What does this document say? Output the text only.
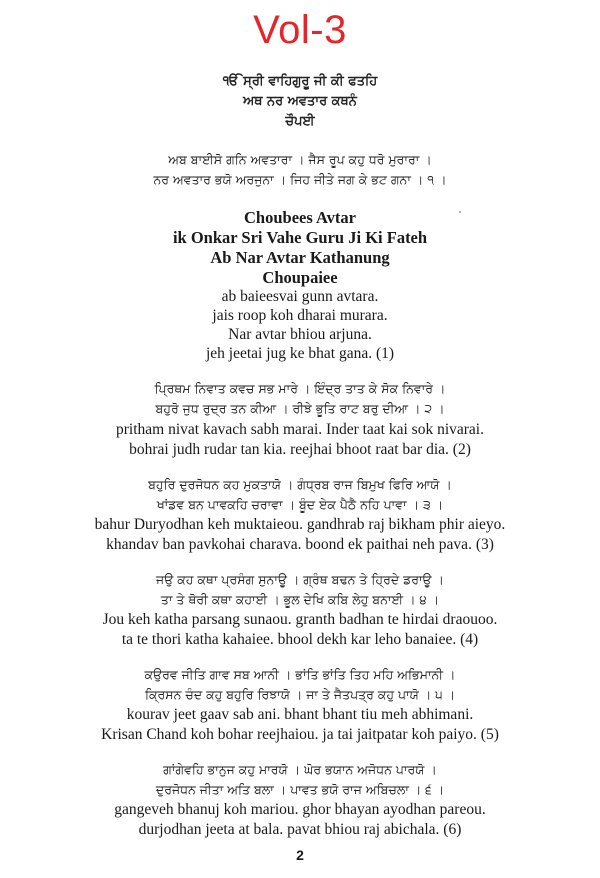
Vol-3
ੴ ਸ੍ਰੀ ਵਾਹਿਗੁਰੂ ਜੀ ਕੀ ਫਤਹਿ
ਅਥ ਨਰ ਅਵਤਾਰ ਕਥਨੰ
ਚੌਪਈ
ਅਬ ਬਾਈਸੋ ਗਨਿ ਅਵਤਾਰਾ । ਜੈਸ ਰੂਪ ਕਹੁ ਧਰੋ ਮੁਰਾਰਾ ।
ਨਰ ਅਵਤਾਰ ਭਯੋ ਅਰਜੁਨਾ । ਜਿਹ ਜੀਤੇ ਜਗ ਕੇ ਭਟ ਗਨਾ । ੧ ।
Choubees Avtar
ik Onkar Sri Vahe Guru Ji Ki Fateh
Ab Nar Avtar Kathanung
Choupaiee
ab baieesvai gunn avtara.
jais roop koh dharai murara.
Nar avtar bhiou arjuna.
jeh jeetai jug ke bhat gana. (1)
ਪ੍ਰਿਥਮ ਨਿਵਾਤ ਕਵਚ ਸਭ ਮਾਰੇ । ਇੰਦ੍ਰ ਤਾਤ ਕੇ ਸੋਕ ਨਿਵਾਰੇ ।
ਬਹੁਰੋ ਜੁਧ ਰੁਦ੍ਰ ਤਨ ਕੀਆ । ਰੀਝੇ ਭੂਤਿ ਰਾਟ ਬਰੁ ਦੀਆ । ੨ ।
pritham nivat kavach sabh marai. Inder taat kai sok nivarai.
bohrai judh rudar tan kia. reejhai bhoot raat bar dia. (2)
ਬਹੁਰਿ ਦੁਰਜੋਧਨ ਕਹ ਮੁਕਤਾਯੋ । ਗੰਧ੍ਰਬ ਰਾਜ ਬਿਮੁਖ ਫਿਰਿ ਆਯੋ ।
ਖਾਂਡਵ ਬਨ ਪਾਵਕਹਿ ਚਰਾਵਾ । ਬੂੰਦ ਏਕ ਪੈਠੈ ਨਹਿ ਪਾਵਾ । ੩ ।
bahur Duryodhan keh muktaieou. gandhrab raj bikham phir aieyo.
khandav ban pavkohai charava. boond ek paithai neh pava. (3)
ਜਉ ਕਹ ਕਥਾ ਪ੍ਰਸੰਗ ਸੁਨਾਊ । ਗ੍ਰੰਥ ਬਢਨ ਤੇ ਹ੍ਰਿਦੇ ਡਰਾਊ ।
ਤਾ ਤੇ ਥੋਰੀ ਕਥਾ ਕਹਾਈ । ਭੂਲ ਦੇਖਿ ਕਬਿ ਲੇਹੁ ਬਨਾਈ । ੪ ।
Jou keh katha parsang sunaou. granth badhan te hirdai draouoo.
ta te thori katha kahaiee. bhool dekh kar leho banaiee. (4)
ਕਉਰਵ ਜੀਤਿ ਗਾਵ ਸਬ ਆਨੀ । ਭਾਂਤਿ ਭਾਂਤਿ ਤਿਹ ਮਹਿ ਅਭਿਮਾਨੀ ।
ਕ੍ਰਿਸਨ ਚੰਦ ਕਹੁ ਬਹੁਰਿ ਰਿਝਾਯੋ । ਜਾ ਤੇ ਜੈਤਪਤ੍ਰ ਕਹੁ ਪਾਯੋ । ੫ ।
kourav jeet gaav sab ani. bhant bhant tiu meh abhimani.
Krisan Chand koh bohar reejhaiou. ja tai jaitpatar koh paiyo. (5)
ਗਾਂਗੇਵਹਿ ਭਾਨੁਜ ਕਹੁ ਮਾਰਯੋ । ਘੋਰ ਭਯਾਨ ਅਜੋਧਨ ਪਾਰਯੋ ।
ਦੁਰਜੋਧਨ ਜੀਤਾ ਅਤਿ ਬਲਾ । ਪਾਵਤ ਭਯੋ ਰਾਜ ਅਬਿਚਲਾ । ੬ ।
gangeveh bhanuj koh mariou. ghor bhayan ayodhan pareou.
durjodhan jeeta at bala. pavat bhiou raj abichala. (6)
2
